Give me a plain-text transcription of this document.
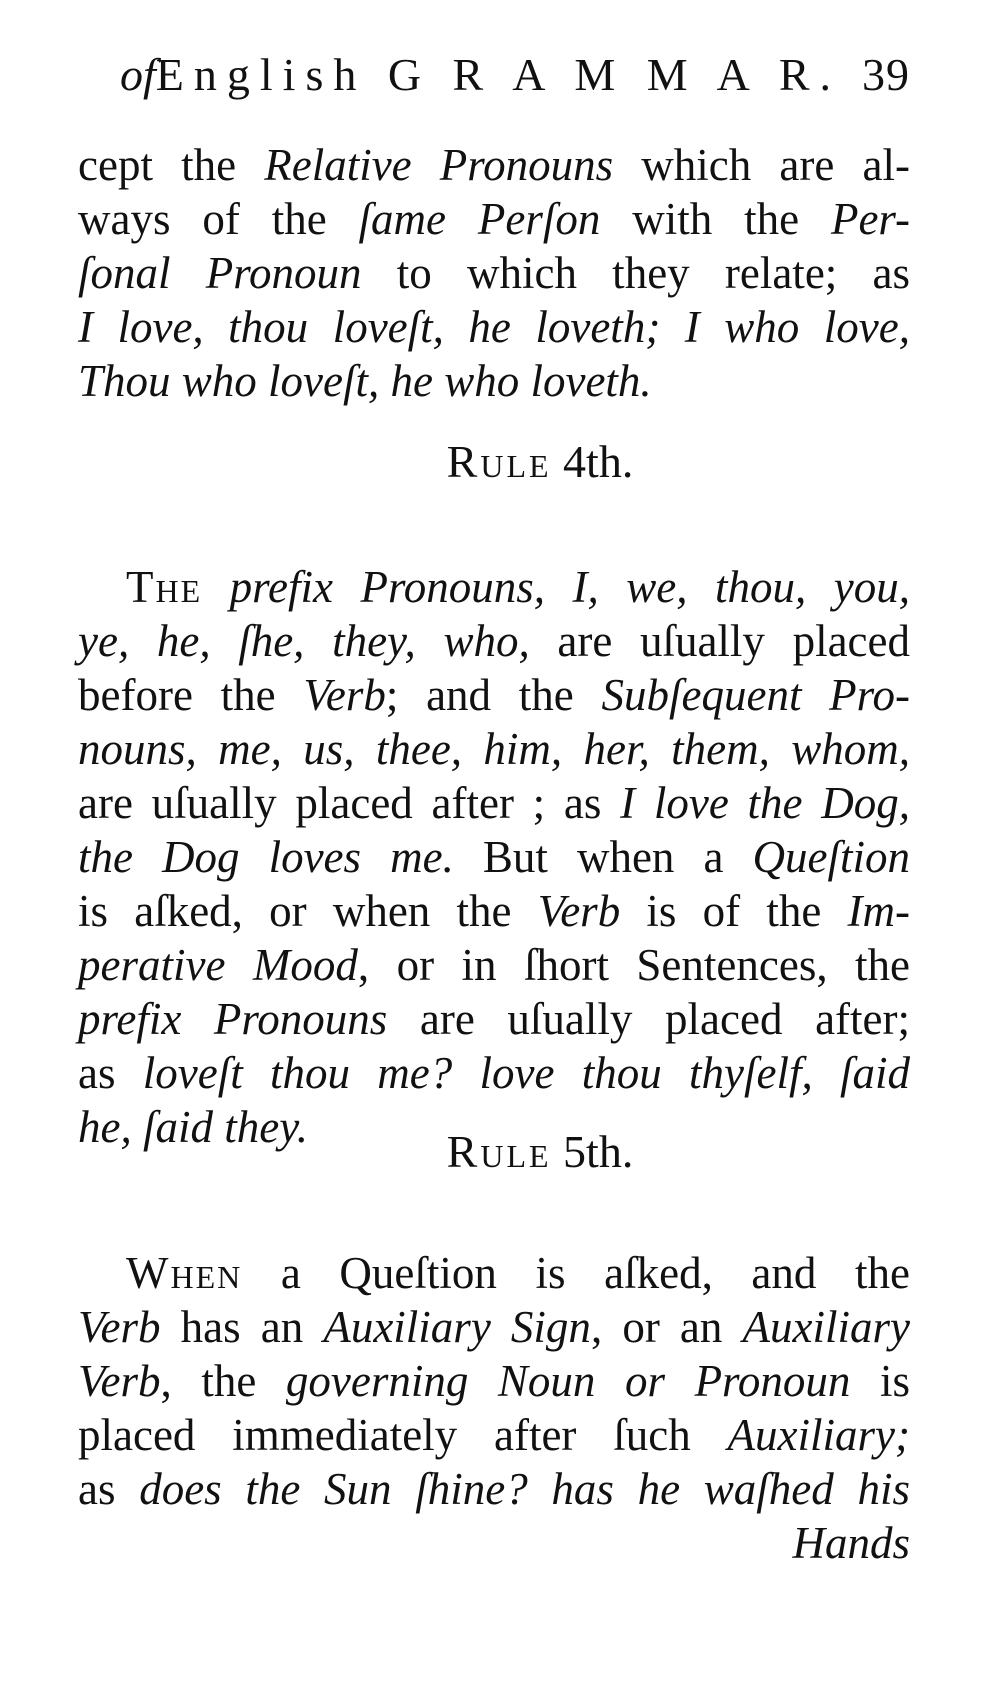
ofEnglish G R A M M A R. 39
cept the Relative Pronouns which are al-
ways of the ſame Perſon with the Per-
ſonal Pronoun to which they relate; as
I love, thou loveſt, he loveth; I who love,
Thou who loveſt, he who loveth.
Rule 4th.
The prefix Pronouns, I, we, thou, you,
ye, he, ſhe, they, who, are uſually placed
before the Verb; and the Subſequent Pro-
nouns, me, us, thee, him, her, them, whom,
are uſually placed after ; as I love the Dog,
the Dog loves me. But when a Queſtion
is aſked, or when the Verb is of the Im-
perative Mood, or in ſhort Sentences, the
prefix Pronouns are uſually placed after;
as loveſt thou me? love thou thyſelf, ſaid
he, ſaid they.	Rule 5th.
When a Queſtion is aſked, and the
Verb has an Auxiliary Sign, or an Auxiliary
Verb, the governing Noun or Pronoun is
placed immediately after ſuch Auxiliary;
as does the Sun ſhine? has he waſhed his
Hands
